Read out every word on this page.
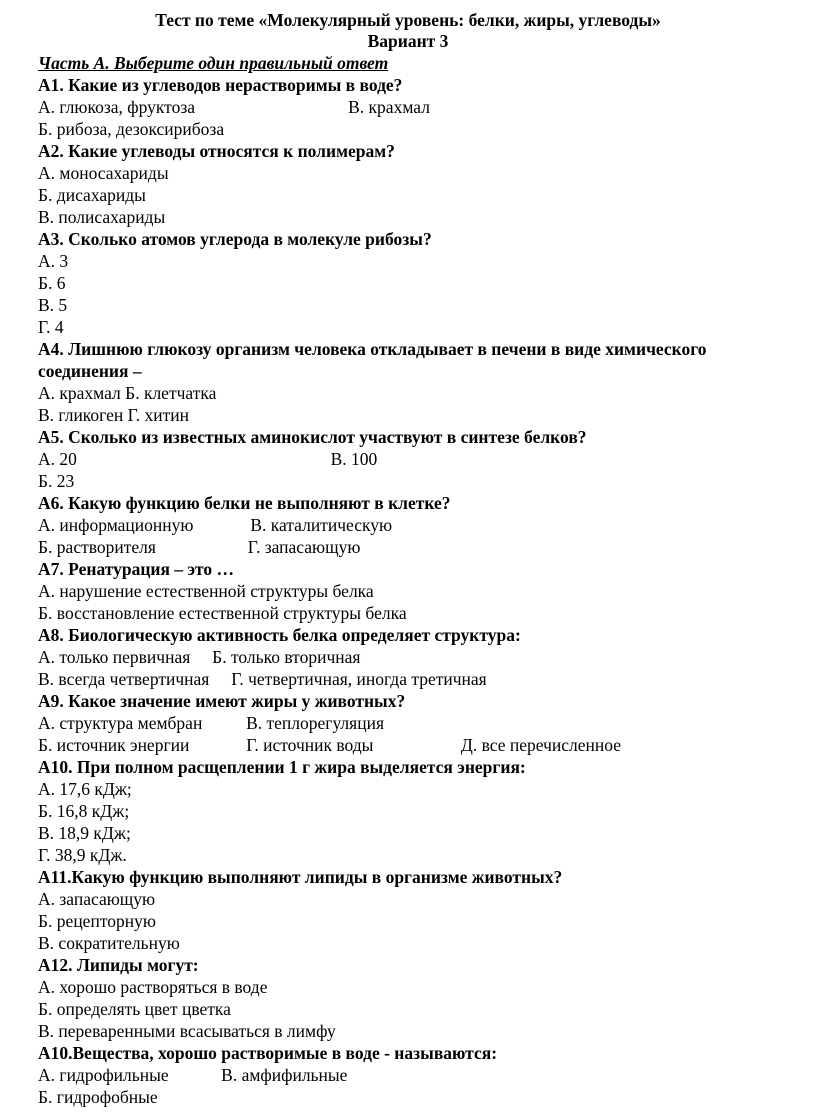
Тест по теме «Молекулярный уровень: белки, жиры, углеводы»
Вариант 3
Часть А. Выберите один правильный ответ
А1. Какие из углеводов нерастворимы в воде?
А. глюкоза, фруктоза                                   В. крахмал
Б. рибоза, дезоксирибоза
А2. Какие углеводы относятся к полимерам?
А. моносахариды
Б. дисахариды
В. полисахариды
А3. Сколько атомов углерода в молекуле рибозы?
А. 3
Б. 6
В. 5
Г. 4
А4. Лишнюю глюкозу организм человека откладывает в печени в виде химического соединения –
А. крахмал Б. клетчатка
В. гликоген Г. хитин
А5. Сколько из известных аминокислот участвуют в синтезе белков?
А. 20                                                          В. 100
Б. 23
А6. Какую функцию белки не выполняют в клетке?
А. информационную             В. каталитическую
Б. растворителя                     Г. запасающую
А7. Ренатурация – это …
А. нарушение естественной структуры белка
Б. восстановление естественной структуры белка
А8. Биологическую активность белка определяет структура:
А. только первичная     Б. только вторичная
В. всегда четвертичная     Г. четвертичная, иногда третичная
А9. Какое значение имеют жиры у животных?
А. структура мембран          В. теплорегуляция
Б. источник энергии             Г. источник воды                    Д. все перечисленное
А10. При полном расщеплении 1 г жира выделяется энергия:
А. 17,6 кДж;
Б. 16,8 кДж;
В. 18,9 кДж;
Г. 38,9 кДж.
А11.Какую функцию выполняют липиды в организме животных?
А. запасающую
Б. рецепторную
В. сократительную
А12. Липиды могут:
А. хорошо растворяться в воде
Б. определять цвет цветка
В. переваренными всасываться в лимфу
А10.Вещества, хорошо растворимые в воде - называются:
А. гидрофильные            В. амфифильные
Б. гидрофобные
